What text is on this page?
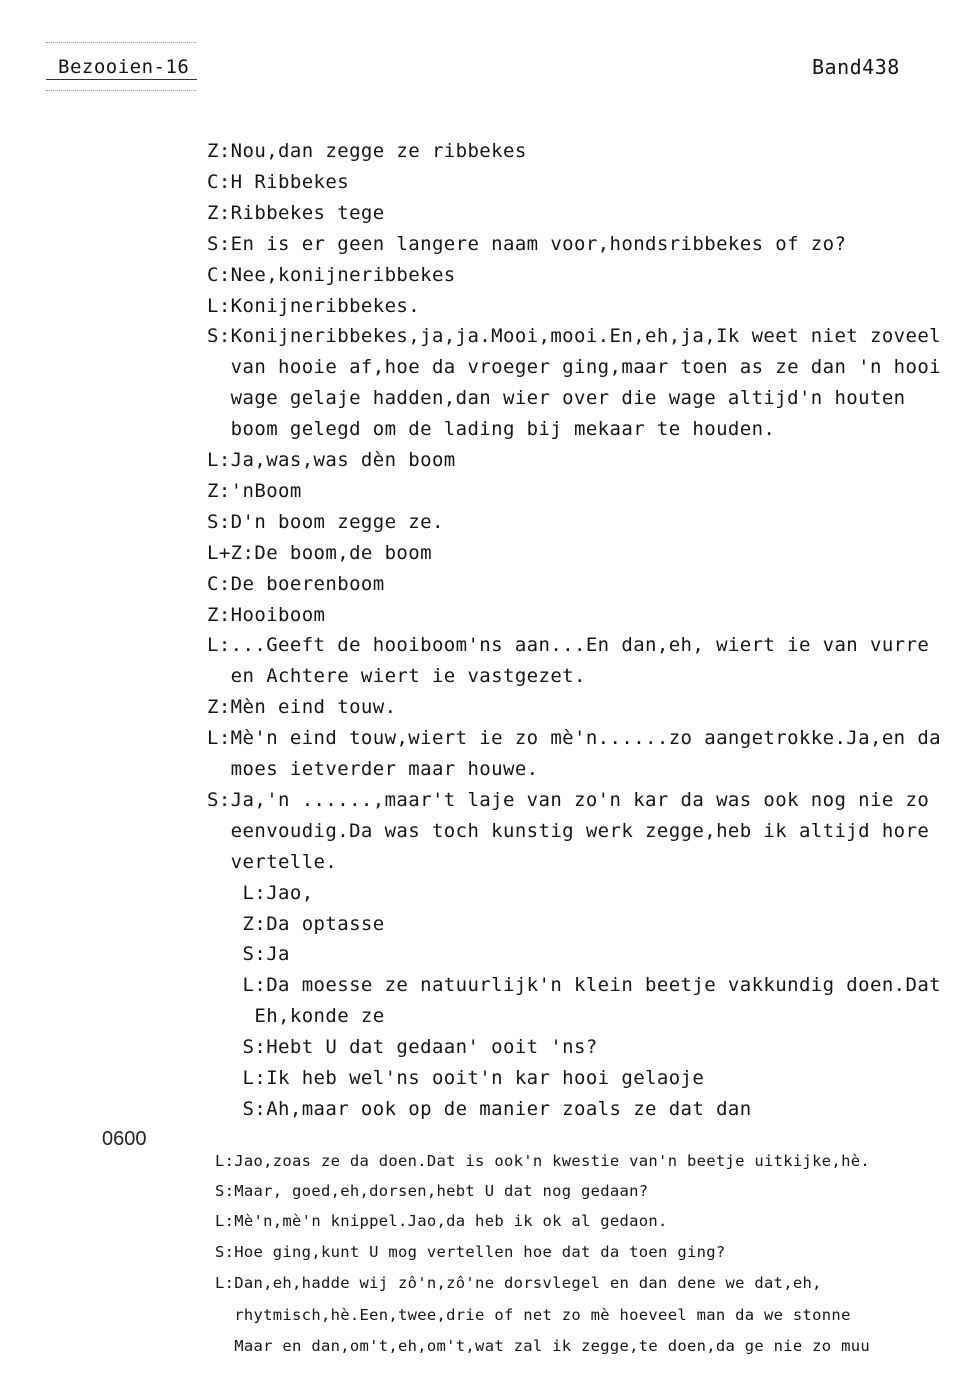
Bezooien-16	Band438
Z:Nou,dan zegge ze ribbekes
C:H Ribbekes
Z:Ribbekes tege
S:En is er geen langere naam voor,hondsribbekes of zo?
C:Nee,konijneribbekes
L:Konijneribbekes.
S:Konijneribbekes,ja,ja.Mooi,mooi.En,eh,ja,Ik weet niet zoveel
van hooie af,hoe da vroeger ging,maar toen as ze dan 'n hooi
wage gelaje hadden,dan wier over die wage altijd'n houten
boom gelegd om de lading bij mekaar te houden.
L:Ja,was,was dèn boom
Z:'nBoom
S:D'n boom zegge ze.
L+Z:De boom,de boom
C:De boerenboom
Z:Hooiboom
L:...Geeft de hooiboom'ns aan...En dan,eh, wiert ie van vurre
en Achtere wiert ie vastgezet.
Z:Mèn eind touw.
L:Mè'n eind touw,wiert ie zo mè'n......zo aangetrokke.Ja,en da
moes ietverder maar houwe.
S:Ja,'n ......,maar't laje van zo'n kar da was ook nog nie zo
eenvoudig.Da was toch kunstig werk zegge,heb ik altijd hore
vertelle.
L:Jao,
Z:Da optasse
S:Ja
L:Da moesse ze natuurlijk'n klein beetje vakkundig doen.Dat
Eh,konde ze
S:Hebt U dat gedaan' ooit 'ns?
L:Ik heb wel'ns ooit'n kar hooi gelaoje
S:Ah,maar ook op de manier zoals ze dat dan
L:Jao,zoas ze da doen.Dat is ook'n kwestie van'n beetje uitkijke,hè.
S:Maar, goed,eh,dorsen,hebt U dat nog gedaan?
L:Mè'n,mè'n knippel.Jao,da heb ik ok al gedaon.
S:Hoe ging,kunt U mog vertellen hoe dat da toen ging?
L:Dan,eh,hadde wij zô'n,zô'ne dorsvlegel en dan dene we dat,eh,
rhytmisch,hè.Een,twee,drie of net zo mè hoeveel man da we stonne
Maar en dan,om't,eh,om't,wat zal ik zegge,te doen,da ge nie zo muu
0600
